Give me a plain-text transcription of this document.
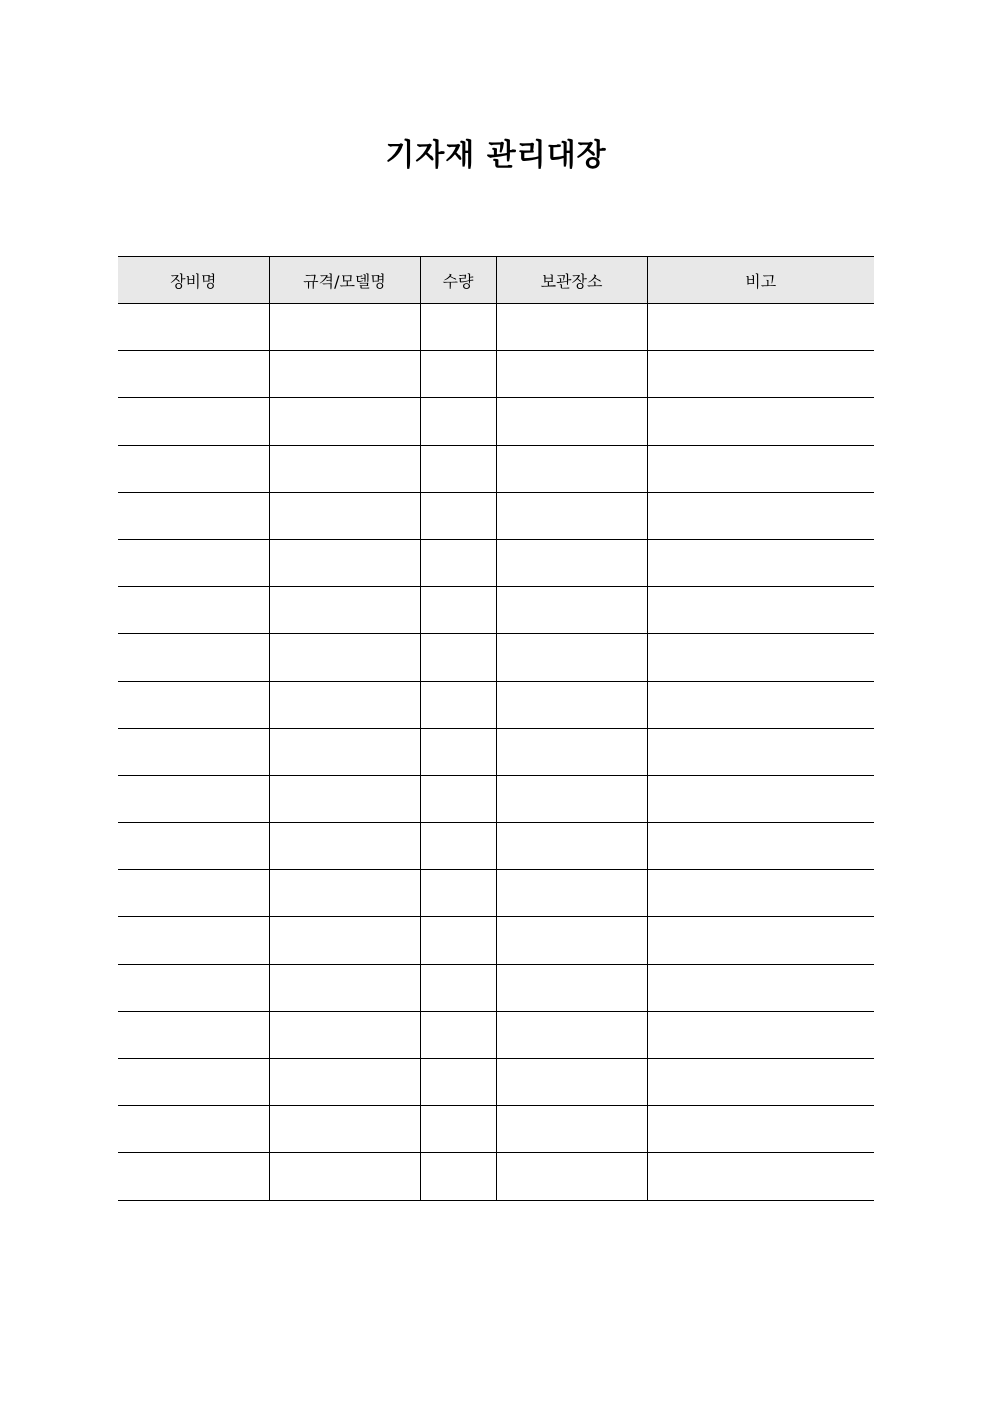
기자재 관리대장
장비명	규격/모델명	수량	보관장소	비고
